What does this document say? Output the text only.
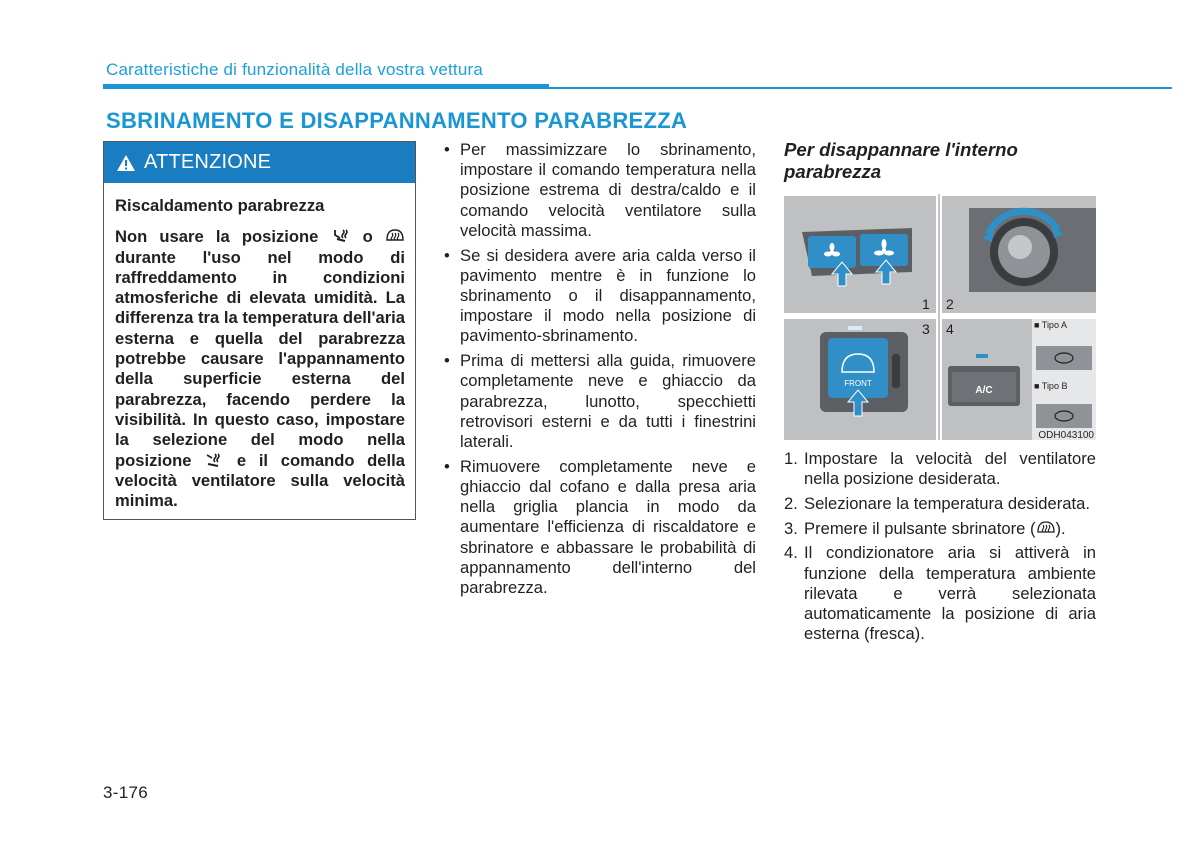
Caratteristiche di funzionalità della vostra vettura
SBRINAMENTO E DISAPPANNAMENTO PARABREZZA
ATTENZIONE
Riscaldamento parabrezza
Non usare la posizione	o  durante l'uso nel modo di raffreddamento in condizioni atmosferiche di elevata umidità. La differenza tra la temperatura dell'aria esterna e quella del parabrezza potrebbe causare l'appannamento della superficie esterna del parabrezza, facendo perdere la visibilità. In questo caso, impostare la selezione del modo nella posizione	e il comando della velocità ventilatore sulla velocità minima.
• Per massimizzare lo sbrinamento, impostare il comando temperatura nella posizione estrema di destra/caldo e il comando velocità ventilatore sulla velocità massima.
• Se si desidera avere aria calda verso il pavimento mentre è in funzione lo sbrinamento o il disappannamento, impostare il modo nella posizione di pavimento-sbrinamento.
• Prima di mettersi alla guida, rimuovere completamente neve e ghiaccio da parabrezza, lunotto, specchietti retrovisori esterni e da tutti i finestrini laterali.
• Rimuovere completamente neve e ghiaccio dal cofano e dalla presa aria nella griglia plancia in modo da aumentare l'efficienza di riscaldatore e sbrinatore e abbassare le probabilità di appannamento dell'interno del parabrezza.
Per disappannare l'interno parabrezza
1 2
3 4
FRONT
A/C
■ Tipo A
■ Tipo B
ODH043100
1. Impostare la velocità del ventilatore nella posizione desiderata.
2. Selezionare la temperatura desiderata.
3. Premere il pulsante sbrinatore ( ).
4. Il condizionatore aria si attiverà in funzione della temperatura ambiente rilevata e verrà selezionata automaticamente la posizione di aria esterna (fresca).
3-176
